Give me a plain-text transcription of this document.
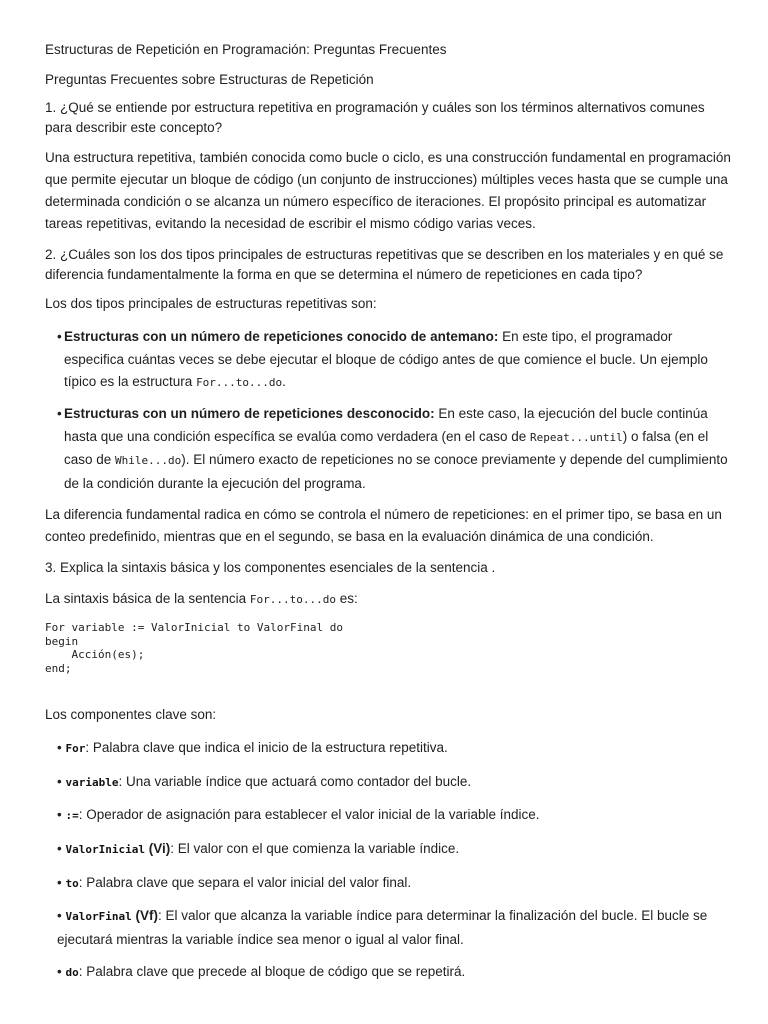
Estructuras de Repetición en Programación: Preguntas Frecuentes
Preguntas Frecuentes sobre Estructuras de Repetición
1. ¿Qué se entiende por estructura repetitiva en programación y cuáles son los términos alternativos comunes para describir este concepto?
Una estructura repetitiva, también conocida como bucle o ciclo, es una construcción fundamental en programación que permite ejecutar un bloque de código (un conjunto de instrucciones) múltiples veces hasta que se cumple una determinada condición o se alcanza un número específico de iteraciones. El propósito principal es automatizar tareas repetitivas, evitando la necesidad de escribir el mismo código varias veces.
2. ¿Cuáles son los dos tipos principales de estructuras repetitivas que se describen en los materiales y en qué se diferencia fundamentalmente la forma en que se determina el número de repeticiones en cada tipo?
Los dos tipos principales de estructuras repetitivas son:
• Estructuras con un número de repeticiones conocido de antemano: En este tipo, el programador especifica cuántas veces se debe ejecutar el bloque de código antes de que comience el bucle. Un ejemplo típico es la estructura For...to...do.
• Estructuras con un número de repeticiones desconocido: En este caso, la ejecución del bucle continúa hasta que una condición específica se evalúa como verdadera (en el caso de Repeat...until) o falsa (en el caso de While...do). El número exacto de repeticiones no se conoce previamente y depende del cumplimiento de la condición durante la ejecución del programa.
La diferencia fundamental radica en cómo se controla el número de repeticiones: en el primer tipo, se basa en un conteo predefinido, mientras que en el segundo, se basa en la evaluación dinámica de una condición.
3. Explica la sintaxis básica y los componentes esenciales de la sentencia .
La sintaxis básica de la sentencia For...to...do es:
For variable := ValorInicial to ValorFinal do
begin
Acción(es);
end;
Los componentes clave son:
• For: Palabra clave que indica el inicio de la estructura repetitiva.
• variable: Una variable índice que actuará como contador del bucle.
• :=: Operador de asignación para establecer el valor inicial de la variable índice.
• ValorInicial (Vi): El valor con el que comienza la variable índice.
• to: Palabra clave que separa el valor inicial del valor final.
• ValorFinal (Vf): El valor que alcanza la variable índice para determinar la finalización del bucle. El bucle se ejecutará mientras la variable índice sea menor o igual al valor final.
• do: Palabra clave que precede al bloque de código que se repetirá.
